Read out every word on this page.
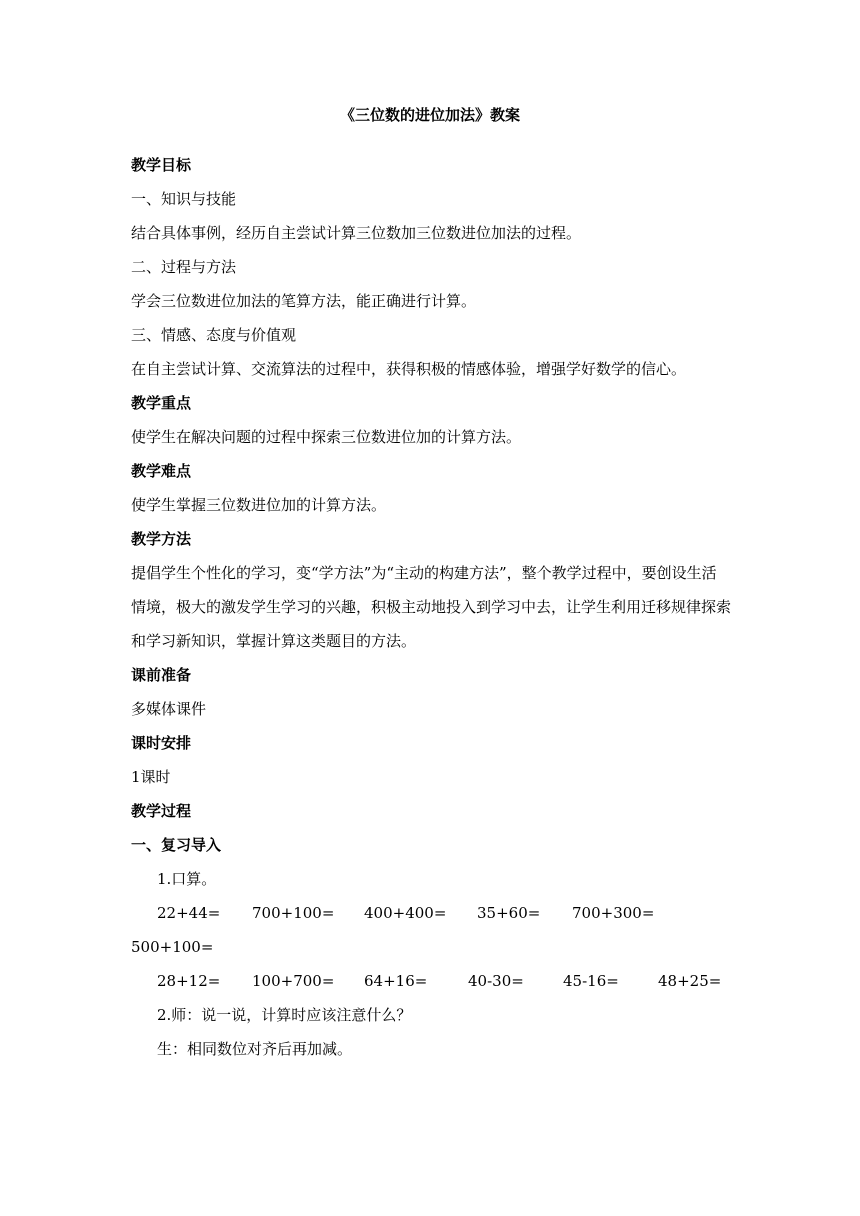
《三位数的进位加法》教案

教学目标

一、知识与技能

结合具体事例，经历自主尝试计算三位数加三位数进位加法的过程。

二、过程与方法

学会三位数进位加法的笔算方法，能正确进行计算。

三、情感、态度与价值观

在自主尝试计算、交流算法的过程中，获得积极的情感体验，增强学好数学的信心。

教学重点

使学生在解决问题的过程中探索三位数进位加的计算方法。

教学难点

使学生掌握三位数进位加的计算方法。

教学方法

提倡学生个性化的学习，变“学方法”为“主动的构建方法”，整个教学过程中，要创设生活情境，极大的激发学生学习的兴趣，积极主动地投入到学习中去，让学生利用迁移规律探索和学习新知识，掌握计算这类题目的方法。

课前准备

多媒体课件

课时安排

1课时

教学过程

一、复习导入

1.口算。

22+44= 700+100= 400+400= 35+60= 700+300=

500+100=

28+12= 100+700= 64+16=	40-30=	45-16=	48+25=

2.师：说一说，计算时应该注意什么？

生：相同数位对齐后再加减。
